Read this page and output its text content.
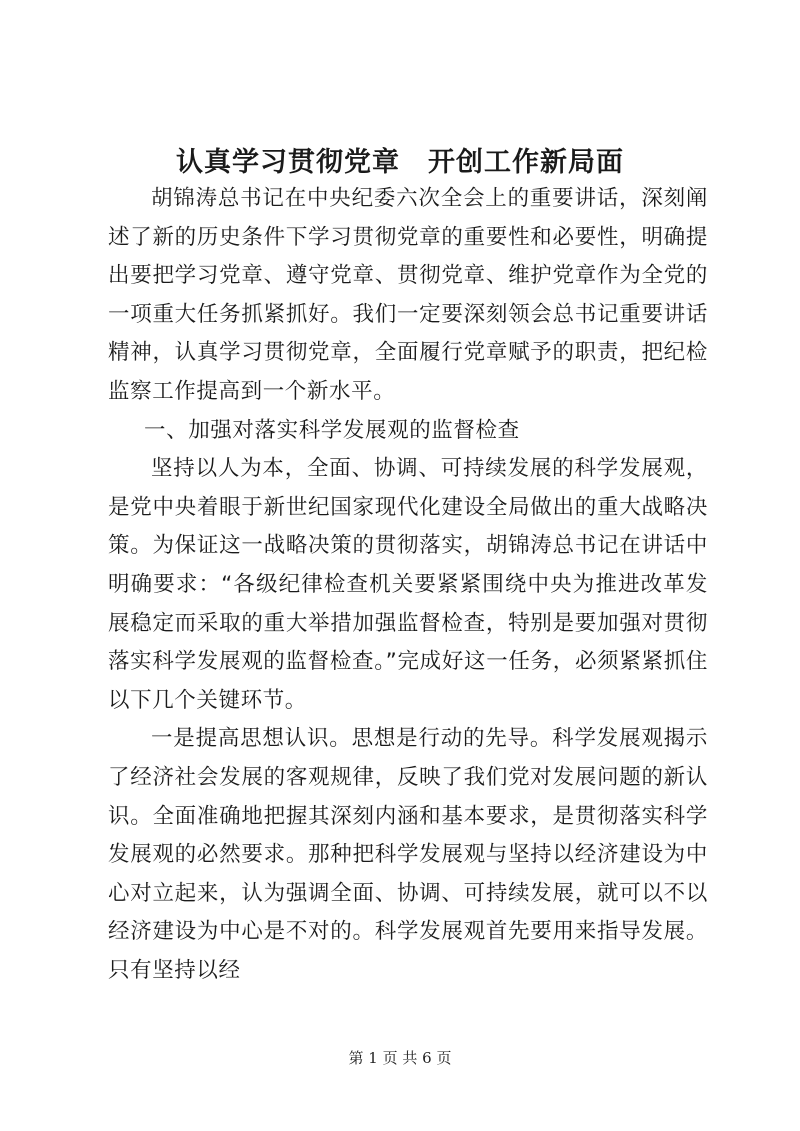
认真学习贯彻党章　开创工作新局面

胡锦涛总书记在中央纪委六次全会上的重要讲话，深刻阐述了新的历史条件下学习贯彻党章的重要性和必要性，明确提出要把学习党章、遵守党章、贯彻党章、维护党章作为全党的一项重大任务抓紧抓好。我们一定要深刻领会总书记重要讲话精神，认真学习贯彻党章，全面履行党章赋予的职责，把纪检监察工作提高到一个新水平。

一、加强对落实科学发展观的监督检查

坚持以人为本，全面、协调、可持续发展的科学发展观，是党中央着眼于新世纪国家现代化建设全局做出的重大战略决策。为保证这一战略决策的贯彻落实，胡锦涛总书记在讲话中明确要求：“各级纪律检查机关要紧紧围绕中央为推进改革发展稳定而采取的重大举措加强监督检查，特别是要加强对贯彻落实科学发展观的监督检查。”完成好这一任务，必须紧紧抓住以下几个关键环节。

一是提高思想认识。思想是行动的先导。科学发展观揭示了经济社会发展的客观规律，反映了我们党对发展问题的新认识。全面准确地把握其深刻内涵和基本要求，是贯彻落实科学发展观的必然要求。那种把科学发展观与坚持以经济建设为中心对立起来，认为强调全面、协调、可持续发展，就可以不以经济建设为中心是不对的。科学发展观首先要用来指导发展。只有坚持以经

第 1 页 共 6 页
